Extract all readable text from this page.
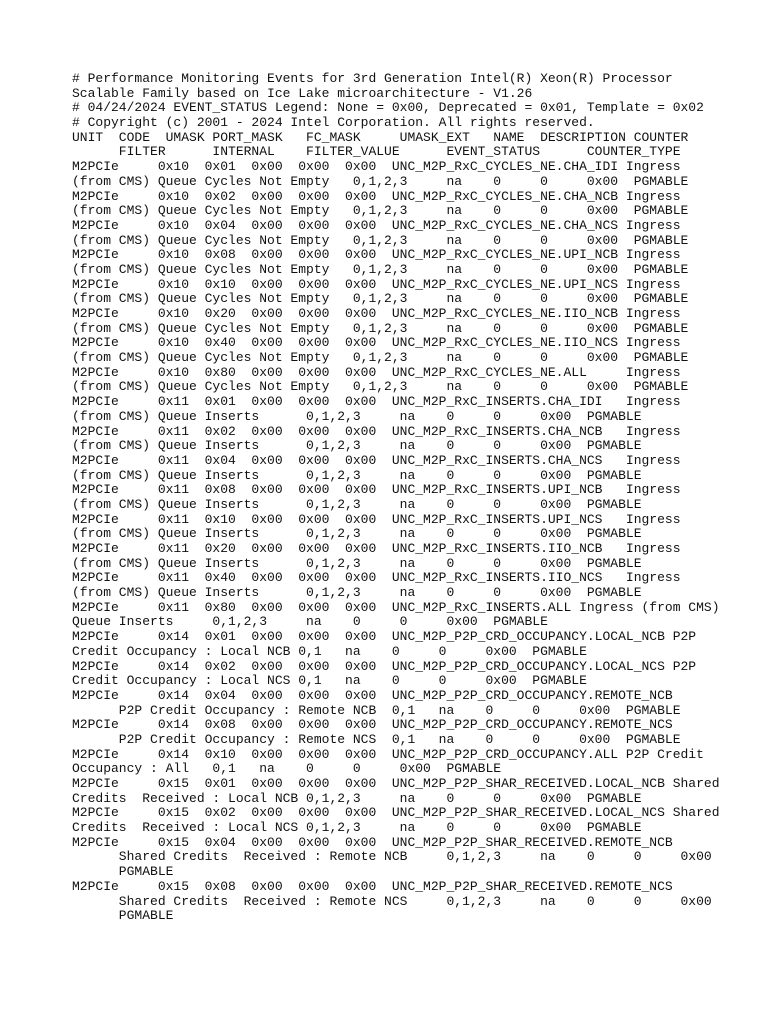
# Performance Monitoring Events for 3rd Generation Intel(R) Xeon(R) Processor
Scalable Family based on Ice Lake microarchitecture - V1.26
# 04/24/2024 EVENT_STATUS Legend: None = 0x00, Deprecated = 0x01, Template = 0x02
# Copyright (c) 2001 - 2024 Intel Corporation. All rights reserved.
UNIT  CODE  UMASK PORT_MASK   FC_MASK     UMASK_EXT   NAME  DESCRIPTION COUNTER
FILTER      INTERNAL    FILTER_VALUE      EVENT_STATUS      COUNTER_TYPE
M2PCIe     0x10  0x01  0x00  0x00  0x00  UNC_M2P_RxC_CYCLES_NE.CHA_IDI Ingress
(from CMS) Queue Cycles Not Empty   0,1,2,3     na    0     0     0x00  PGMABLE
M2PCIe     0x10  0x02  0x00  0x00  0x00  UNC_M2P_RxC_CYCLES_NE.CHA_NCB Ingress
(from CMS) Queue Cycles Not Empty   0,1,2,3     na    0     0     0x00  PGMABLE
M2PCIe     0x10  0x04  0x00  0x00  0x00  UNC_M2P_RxC_CYCLES_NE.CHA_NCS Ingress
(from CMS) Queue Cycles Not Empty   0,1,2,3     na    0     0     0x00  PGMABLE
M2PCIe     0x10  0x08  0x00  0x00  0x00  UNC_M2P_RxC_CYCLES_NE.UPI_NCB Ingress
(from CMS) Queue Cycles Not Empty   0,1,2,3     na    0     0     0x00  PGMABLE
M2PCIe     0x10  0x10  0x00  0x00  0x00  UNC_M2P_RxC_CYCLES_NE.UPI_NCS Ingress
(from CMS) Queue Cycles Not Empty   0,1,2,3     na    0     0     0x00  PGMABLE
M2PCIe     0x10  0x20  0x00  0x00  0x00  UNC_M2P_RxC_CYCLES_NE.IIO_NCB Ingress
(from CMS) Queue Cycles Not Empty   0,1,2,3     na    0     0     0x00  PGMABLE
M2PCIe     0x10  0x40  0x00  0x00  0x00  UNC_M2P_RxC_CYCLES_NE.IIO_NCS Ingress
(from CMS) Queue Cycles Not Empty   0,1,2,3     na    0     0     0x00  PGMABLE
M2PCIe     0x10  0x80  0x00  0x00  0x00  UNC_M2P_RxC_CYCLES_NE.ALL     Ingress
(from CMS) Queue Cycles Not Empty   0,1,2,3     na    0     0     0x00  PGMABLE
M2PCIe     0x11  0x01  0x00  0x00  0x00  UNC_M2P_RxC_INSERTS.CHA_IDI   Ingress
(from CMS) Queue Inserts      0,1,2,3     na    0     0     0x00  PGMABLE
M2PCIe     0x11  0x02  0x00  0x00  0x00  UNC_M2P_RxC_INSERTS.CHA_NCB   Ingress
(from CMS) Queue Inserts      0,1,2,3     na    0     0     0x00  PGMABLE
M2PCIe     0x11  0x04  0x00  0x00  0x00  UNC_M2P_RxC_INSERTS.CHA_NCS   Ingress
(from CMS) Queue Inserts      0,1,2,3     na    0     0     0x00  PGMABLE
M2PCIe     0x11  0x08  0x00  0x00  0x00  UNC_M2P_RxC_INSERTS.UPI_NCB   Ingress
(from CMS) Queue Inserts      0,1,2,3     na    0     0     0x00  PGMABLE
M2PCIe     0x11  0x10  0x00  0x00  0x00  UNC_M2P_RxC_INSERTS.UPI_NCS   Ingress
(from CMS) Queue Inserts      0,1,2,3     na    0     0     0x00  PGMABLE
M2PCIe     0x11  0x20  0x00  0x00  0x00  UNC_M2P_RxC_INSERTS.IIO_NCB   Ingress
(from CMS) Queue Inserts      0,1,2,3     na    0     0     0x00  PGMABLE
M2PCIe     0x11  0x40  0x00  0x00  0x00  UNC_M2P_RxC_INSERTS.IIO_NCS   Ingress
(from CMS) Queue Inserts      0,1,2,3     na    0     0     0x00  PGMABLE
M2PCIe     0x11  0x80  0x00  0x00  0x00  UNC_M2P_RxC_INSERTS.ALL Ingress (from CMS)
Queue Inserts     0,1,2,3     na    0     0     0x00  PGMABLE
M2PCIe     0x14  0x01  0x00  0x00  0x00  UNC_M2P_P2P_CRD_OCCUPANCY.LOCAL_NCB P2P
Credit Occupancy : Local NCB 0,1   na    0     0     0x00  PGMABLE
M2PCIe     0x14  0x02  0x00  0x00  0x00  UNC_M2P_P2P_CRD_OCCUPANCY.LOCAL_NCS P2P
Credit Occupancy : Local NCS 0,1   na    0     0     0x00  PGMABLE
M2PCIe     0x14  0x04  0x00  0x00  0x00  UNC_M2P_P2P_CRD_OCCUPANCY.REMOTE_NCB
P2P Credit Occupancy : Remote NCB  0,1   na    0     0     0x00  PGMABLE
M2PCIe     0x14  0x08  0x00  0x00  0x00  UNC_M2P_P2P_CRD_OCCUPANCY.REMOTE_NCS
P2P Credit Occupancy : Remote NCS  0,1   na    0     0     0x00  PGMABLE
M2PCIe     0x14  0x10  0x00  0x00  0x00  UNC_M2P_P2P_CRD_OCCUPANCY.ALL P2P Credit
Occupancy : All   0,1   na    0     0     0x00  PGMABLE
M2PCIe     0x15  0x01  0x00  0x00  0x00  UNC_M2P_P2P_SHAR_RECEIVED.LOCAL_NCB Shared
Credits  Received : Local NCB 0,1,2,3     na    0     0     0x00  PGMABLE
M2PCIe     0x15  0x02  0x00  0x00  0x00  UNC_M2P_P2P_SHAR_RECEIVED.LOCAL_NCS Shared
Credits  Received : Local NCS 0,1,2,3     na    0     0     0x00  PGMABLE
M2PCIe     0x15  0x04  0x00  0x00  0x00  UNC_M2P_P2P_SHAR_RECEIVED.REMOTE_NCB
Shared Credits  Received : Remote NCB     0,1,2,3     na    0     0     0x00
PGMABLE
M2PCIe     0x15  0x08  0x00  0x00  0x00  UNC_M2P_P2P_SHAR_RECEIVED.REMOTE_NCS
Shared Credits  Received : Remote NCS     0,1,2,3     na    0     0     0x00
PGMABLE
